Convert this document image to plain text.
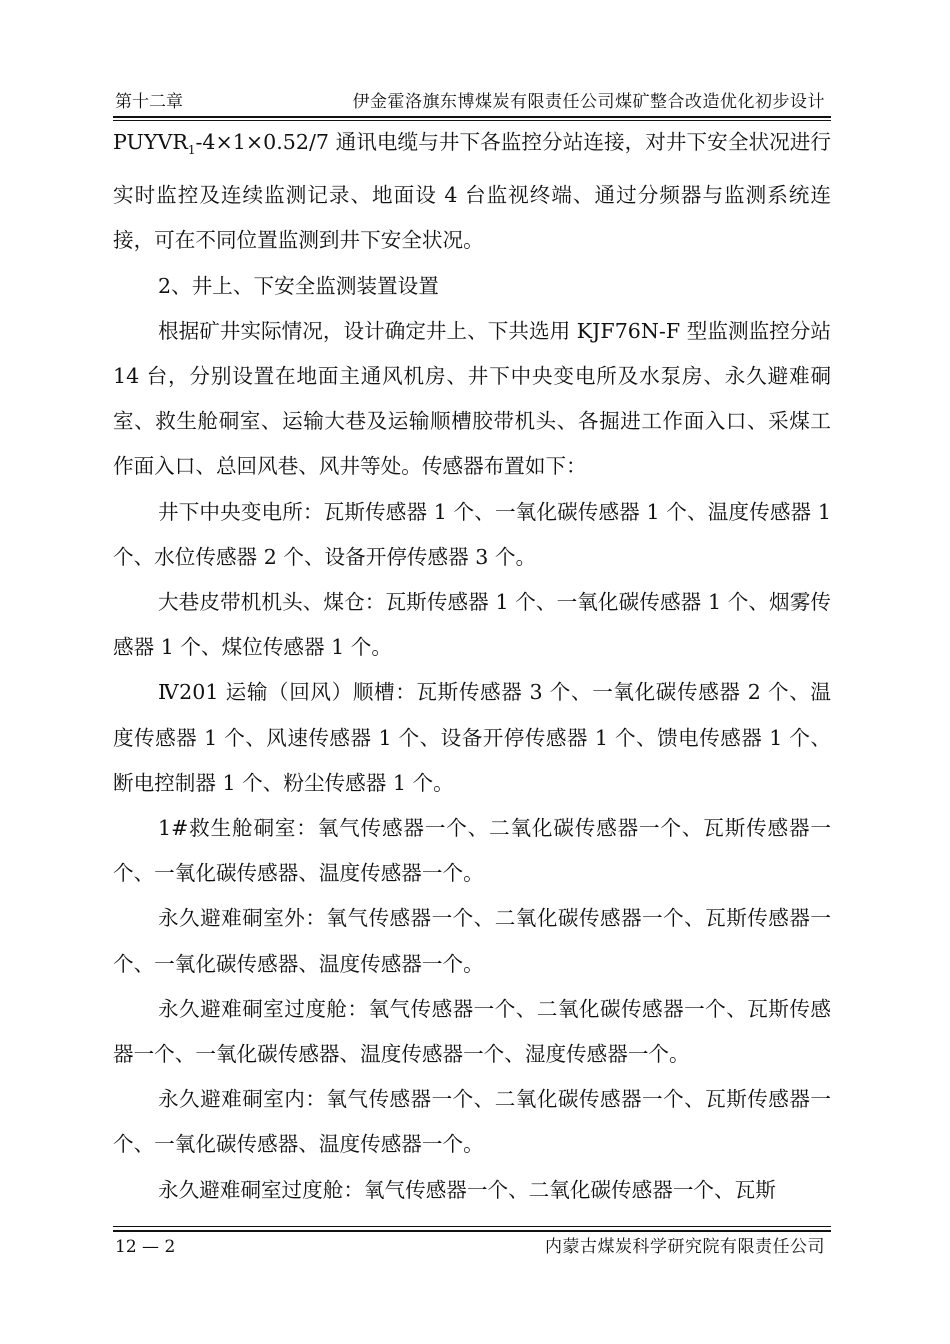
第十二章	伊金霍洛旗东博煤炭有限责任公司煤矿整合改造优化初步设计

$PUYVR_1-4\times 1\times 0.52/7$ 通讯电缆与井下各监控分站连接，对井下安全状况进行实时监控及连续监测记录、地面设 4 台监视终端、通过分频器与监测系统连接，可在不同位置监测到井下安全状况。

2、井上、下安全监测装置设置

根据矿井实际情况，设计确定井上、下共选用 KJF76N-F 型监测监控分站 14 台，分别设置在地面主通风机房、井下中央变电所及水泵房、永久避难硐室、救生舱硐室、运输大巷及运输顺槽胶带机头、各掘进工作面入口、采煤工作面入口、总回风巷、风井等处。传感器布置如下：

井下中央变电所：瓦斯传感器 1 个、一氧化碳传感器 1 个、温度传感器 1 个、水位传感器 2 个、设备开停传感器 3 个。

大巷皮带机机头、煤仓：瓦斯传感器 1 个、一氧化碳传感器 1 个、烟雾传感器 1 个、煤位传感器 1 个。

Ⅳ201 运输（回风）顺槽：瓦斯传感器 3 个、一氧化碳传感器 2 个、温度传感器 1 个、风速传感器 1 个、设备开停传感器 1 个、馈电传感器 1 个、断电控制器 1 个、粉尘传感器 1 个。

1#救生舱硐室：氧气传感器一个、二氧化碳传感器一个、瓦斯传感器一个、一氧化碳传感器、温度传感器一个。

永久避难硐室外：氧气传感器一个、二氧化碳传感器一个、瓦斯传感器一个、一氧化碳传感器、温度传感器一个。

永久避难硐室过度舱：氧气传感器一个、二氧化碳传感器一个、瓦斯传感器一个、一氧化碳传感器、温度传感器一个、湿度传感器一个。

永久避难硐室内：氧气传感器一个、二氧化碳传感器一个、瓦斯传感器一个、一氧化碳传感器、温度传感器一个。

永久避难硐室过度舱：氧气传感器一个、二氧化碳传感器一个、瓦斯

12 — 2	内蒙古煤炭科学研究院有限责任公司
